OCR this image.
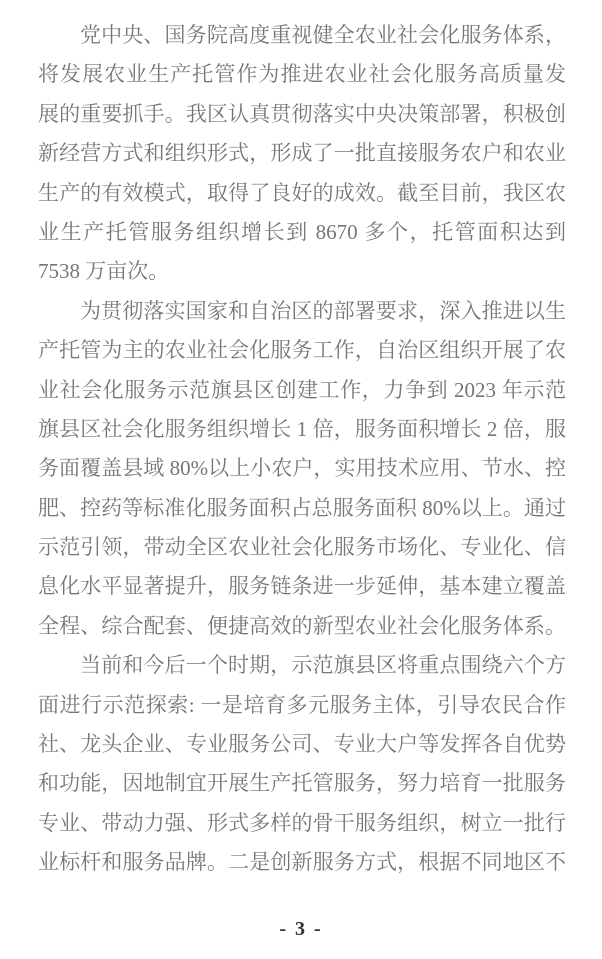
党中央、国务院高度重视健全农业社会化服务体系，
将发展农业生产托管作为推进农业社会化服务高质量发
展的重要抓手。我区认真贯彻落实中央决策部署，积极创
新经营方式和组织形式，形成了一批直接服务农户和农业
生产的有效模式，取得了良好的成效。截至目前，我区农
业生产托管服务组织增长到 8670 多个，托管面积达到
7538 万亩次。
为贯彻落实国家和自治区的部署要求，深入推进以生
产托管为主的农业社会化服务工作，自治区组织开展了农
业社会化服务示范旗县区创建工作，力争到 2023 年示范
旗县区社会化服务组织增长 1 倍，服务面积增长 2 倍，服
务面覆盖县域 80%以上小农户，实用技术应用、节水、控
肥、控药等标准化服务面积占总服务面积 80%以上。通过
示范引领，带动全区农业社会化服务市场化、专业化、信
息化水平显著提升，服务链条进一步延伸，基本建立覆盖
全程、综合配套、便捷高效的新型农业社会化服务体系。
当前和今后一个时期，示范旗县区将重点围绕六个方
面进行示范探索: 一是培育多元服务主体，引导农民合作
社、龙头企业、专业服务公司、专业大户等发挥各自优势
和功能，因地制宜开展生产托管服务，努力培育一批服务
专业、带动力强、形式多样的骨干服务组织，树立一批行
业标杆和服务品牌。二是创新服务方式，根据不同地区不
- 3 -
